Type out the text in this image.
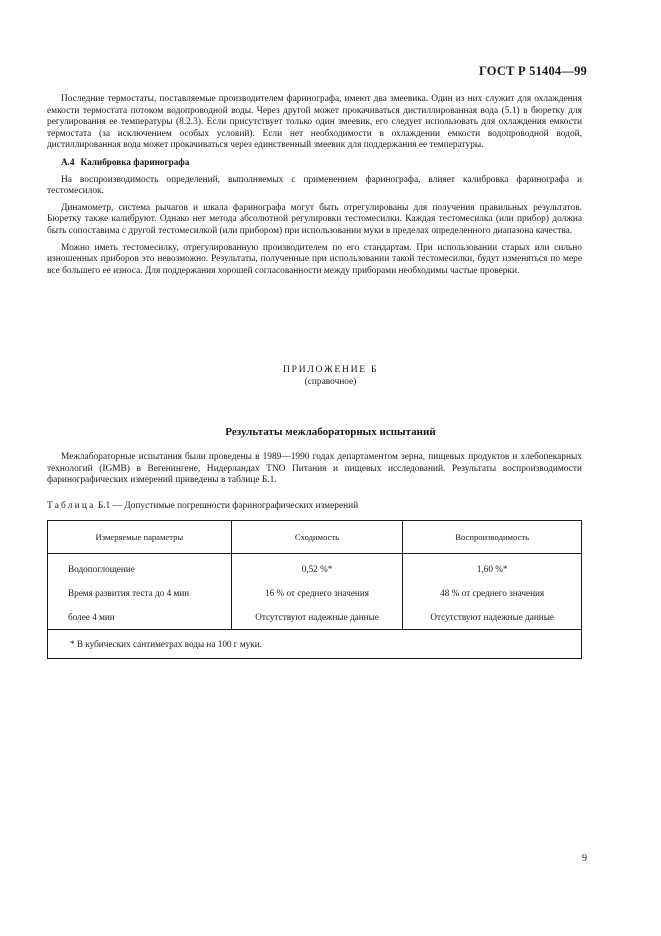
ГОСТ Р 51404—99

Последние термостаты, поставляемые производителем фаринографа, имеют два змеевика. Один из них служит для охлаждения емкости термостата потоком водопроводной воды. Через другой может прокачиваться дистиллированная вода (5.1) в бюретку для регулирования ее температуры (8.2.3). Если присутствует только один змеевик, его следует использовать для охлаждения емкости термостата (за исключением особых условий). Если нет необходимости в охлаждении емкости водопроводной водой, дистиллированная вода может прокачиваться через единственный змеевик для поддержания ее температуры.

А.4 Калибровка фаринографа

На воспроизводимость определений, выполняемых с применением фаринографа, влияет калибровка фаринографа и тестомесилок.

Динамометр, система рычагов и шкала фаринографа могут быть отрегулированы для получения правильных результатов. Бюретку также калибруют. Однако нет метода абсолютной регулировки тестомесилки. Каждая тестомесилка (или прибор) должна быть сопоставима с другой тестомесилкой (или прибором) при использовании муки в пределах определенного диапазона качества.

Можно иметь тестомесилку, отрегулированную производителем по его стандартам. При использовании старых или сильно изношенных приборов это невозможно. Результаты, полученные при использовании такой тестомесилки, будут изменяться по мере все большего ее износа. Для поддержания хорошей согласованности между приборами необходимы частые проверки.

ПРИЛОЖЕНИЕ Б
(справочное)
Результаты межлабораторных испытаний

Межлабораторные испытания были проведены в 1989—1990 годах департаментом зерна, пищевых продуктов и хлебопекарных технологий (IGMB) в Вегенингене, Нидерландах TNO Питания и пищевых исследований. Результаты воспроизводимости фаринографических измерений приведены в таблице Б.1.

Таблица Б.1 — Допустимые погрешности фаринографических измерений
Измеряемые параметры	Сходимость	Воспроизводимость
Водопоглощение	0,52 %*	1,60 %*
Время развития теста до 4 мин	16 % от среднего значения	48 % от среднего значения
более 4 мин	Отсутствуют надежные данные	Отсутствуют надежные данные
* В кубических сантиметрах воды на 100 г муки.		
9
